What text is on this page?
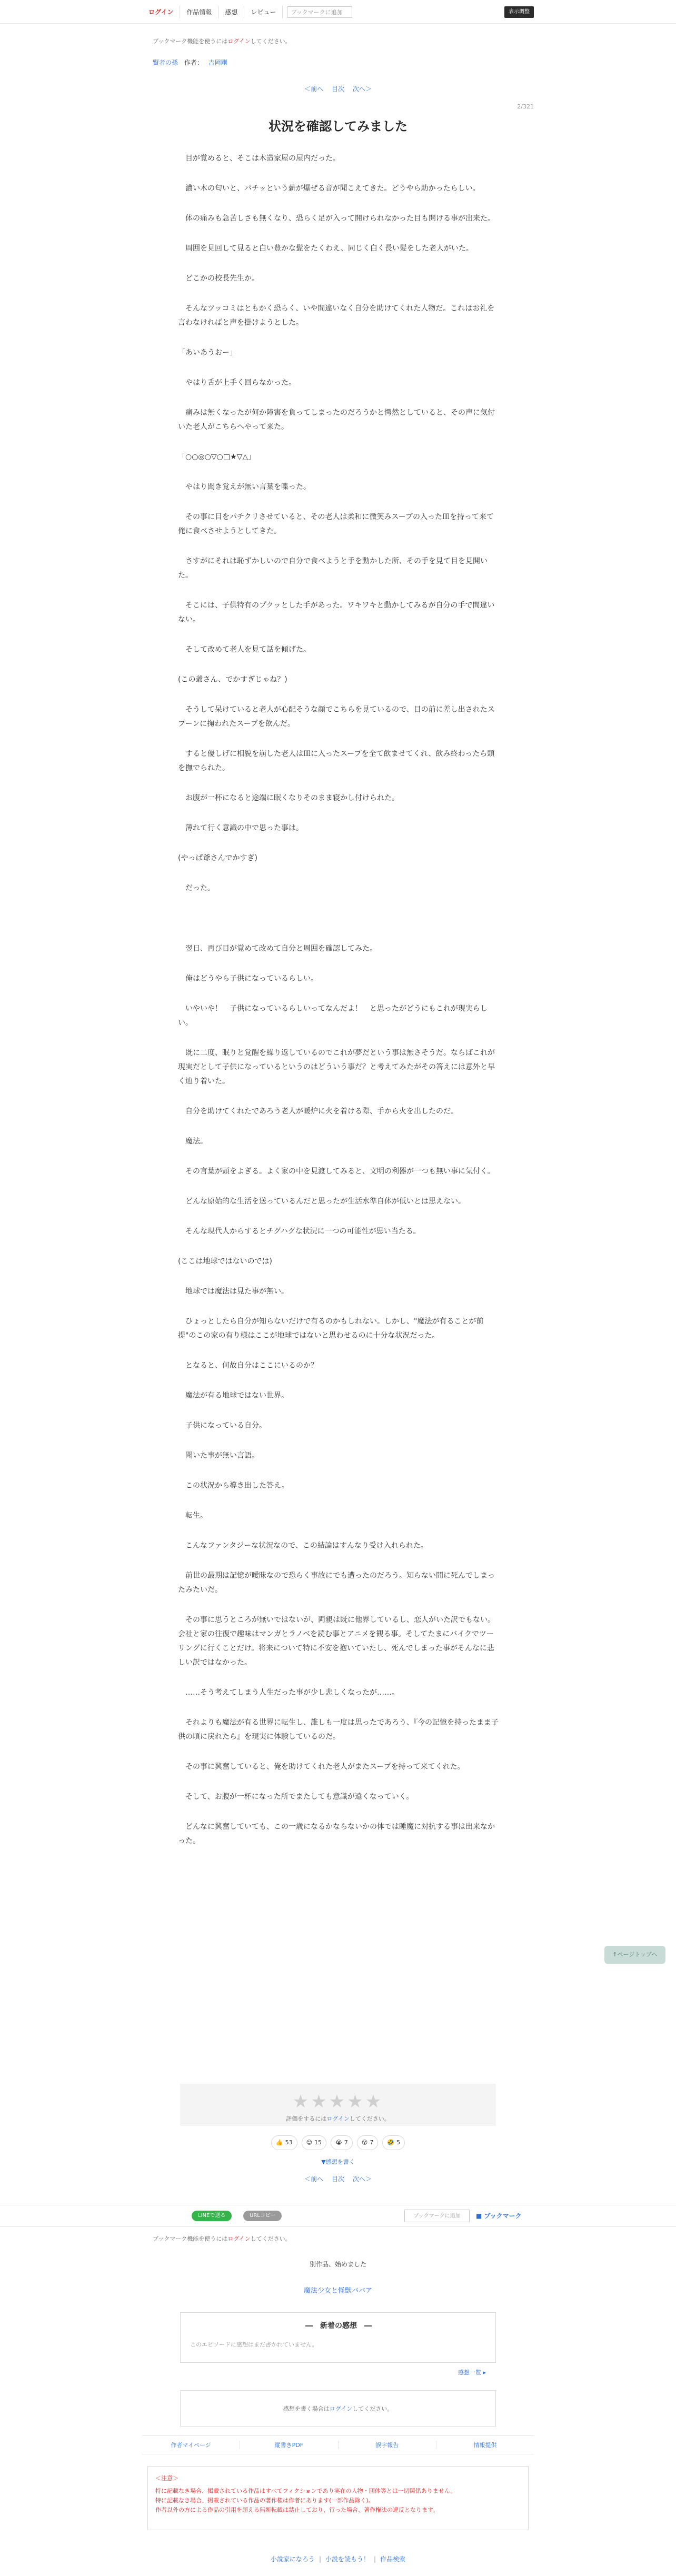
ログイン	作品情報	感想	レビュー	ブックマークに追加	表示調整
ブックマーク機能を使うにはログインしてください。
賢者の孫 作者： 吉岡剛
＜前へ 目次 次へ＞
2/321
状況を確認してみました

目が覚めると、そこは木造家屋の屋内だった。

濃い木の匂いと、パチッという薪が爆ぜる音が聞こえてきた。どうやら助かったらしい。

体の痛みも急苦しさも無くなり、恐らく足が入って開けられなかった目も開ける事が出来た。

周囲を見回して見ると白い豊かな髭をたくわえ、同じく白く長い髪をした老人がいた。

どこかの校長先生か。

そんなツッコミはともかく恐らく、いや間違いなく自分を助けてくれた人物だ。これはお礼を言わなければと声を掛けようとした。

「あいあうおー」

やはり舌が上手く回らなかった。

痛みは無くなったが何か障害を負ってしまったのだろうかと愕然としていると、その声に気付いた老人がこちらへやって来た。

「○○◎○▽○□★▽△」

やはり聞き覚えが無い言葉を喋った。

その事に目をパチクリさせていると、その老人は柔和に微笑みスープの入った皿を持って来て俺に食べさせようとしてきた。

さすがにそれは恥ずかしいので自分で食べようと手を動かした所、その手を見て目を見開いた。

そこには、子供特有のプクッとした手があった。ワキワキと動かしてみるが自分の手で間違いない。

そして改めて老人を見て話を傾げた。

(この爺さん、でかすぎじゃね？)

そうして呆けていると老人が心配そうな顔でこちらを見ているので、目の前に差し出されたスプーンに掬われたスープを飲んだ。

すると優しげに相貌を崩した老人は皿に入ったスープを全て飲ませてくれ、飲み終わったら頭を撫でられた。

お腹が一杯になると途端に眠くなりそのまま寝かし付けられた。

薄れて行く意識の中で思った事は。

(やっぱ爺さんでかすぎ)

だった。

翌日、再び目が覚めて改めて自分と周囲を確認してみた。

俺はどうやら子供になっているらしい。

いやいや！　子供になっているらしいってなんだよ！　と思ったがどうにもこれが現実らしい。

既に二度、眠りと覚醒を繰り返しているのでこれが夢だという事は無さそうだ。ならばこれが現実だとして子供になっているというのはどういう事だ？と考えてみたがその答えには意外と早く辿り着いた。

自分を助けてくれたであろう老人が暖炉に火を着ける際、手から火を出したのだ。

魔法。

その言葉が頭をよぎる。よく家の中を見渡してみると、文明の利器が一つも無い事に気付く。

どんな原始的な生活を送っているんだと思ったが生活水準自体が低いとは思えない。

そんな現代人からするとチグハグな状況に一つの可能性が思い当たる。

(ここは地球ではないのでは)

地球では魔法は見た事が無い。

ひょっとしたら自分が知らないだけで有るのかもしれない。しかし、"魔法が有ることが前提"のこの家の有り様はここが地球ではないと思わせるのに十分な状況だった。

となると、何故自分はここにいるのか？

魔法が有る地球ではない世界。

子供になっている自分。

聞いた事が無い言語。

この状況から導き出した答え。

転生。

こんなファンタジーな状況なので、この結論はすんなり受け入れられた。

前世の最期は記憶が曖昧なので恐らく事故にでも遭ったのだろう。知らない間に死んでしまったみたいだ。

その事に思うところが無いではないが、両親は既に他界しているし、恋人がいた訳でもない。会社と家の往復で趣味はマンガとラノベを読む事とアニメを観る事。そしてたまにバイクでツーリングに行くことだけ。将来について特に不安を抱いていたし、死んでしまった事がそんなに悲しい訳ではなかった。

……そう考えてしまう人生だった事が少し悲しくなったが……。

それよりも魔法が有る世界に転生し、誰しも一度は思ったであろう、『今の記憶を持ったまま子供の頃に戻れたら』を現実に体験しているのだ。

その事に興奮していると、俺を助けてくれた老人がまたスープを持って来てくれた。

そして、お腹が一杯になった所でまたしても意識が遠くなっていく。

どんなに興奮していても、この一歳になるかならないかの体では睡魔に対抗する事は出来なかった。

↑ページトップへ
★★★★★
評価をするにはログインしてください。
👍 53 😊 15 😭 7 😮 7 🤣 5
▼感想を書く
＜前へ 目次 次へ＞
LINEで送る	URLコピー	ブックマークに追加	■ ブックマーク
ブックマーク機能を使うにはログインしてください。
別作品、始めました
魔法少女と怪獣ババア
―　新着の感想　―
このエピソードに感想はまだ書かれていません。
感想一覧 ▸
感想を書く場合はログインしてください。
作者マイページ	縦書きPDF	誤字報告	情報提供
＜注意＞

特に記載なき場合、掲載されている作品はすべてフィクションであり実在の人物・団体等とは一切関係ありません。

特に記載なき場合、掲載されている作品の著作権は作者にあります(一部作品除く)。

作者以外の方による作品の引用を超える無断転載は禁止しており、行った場合、著作権法の違反となります。

小説家になろう | 小説を読もう！ | 作品検索
